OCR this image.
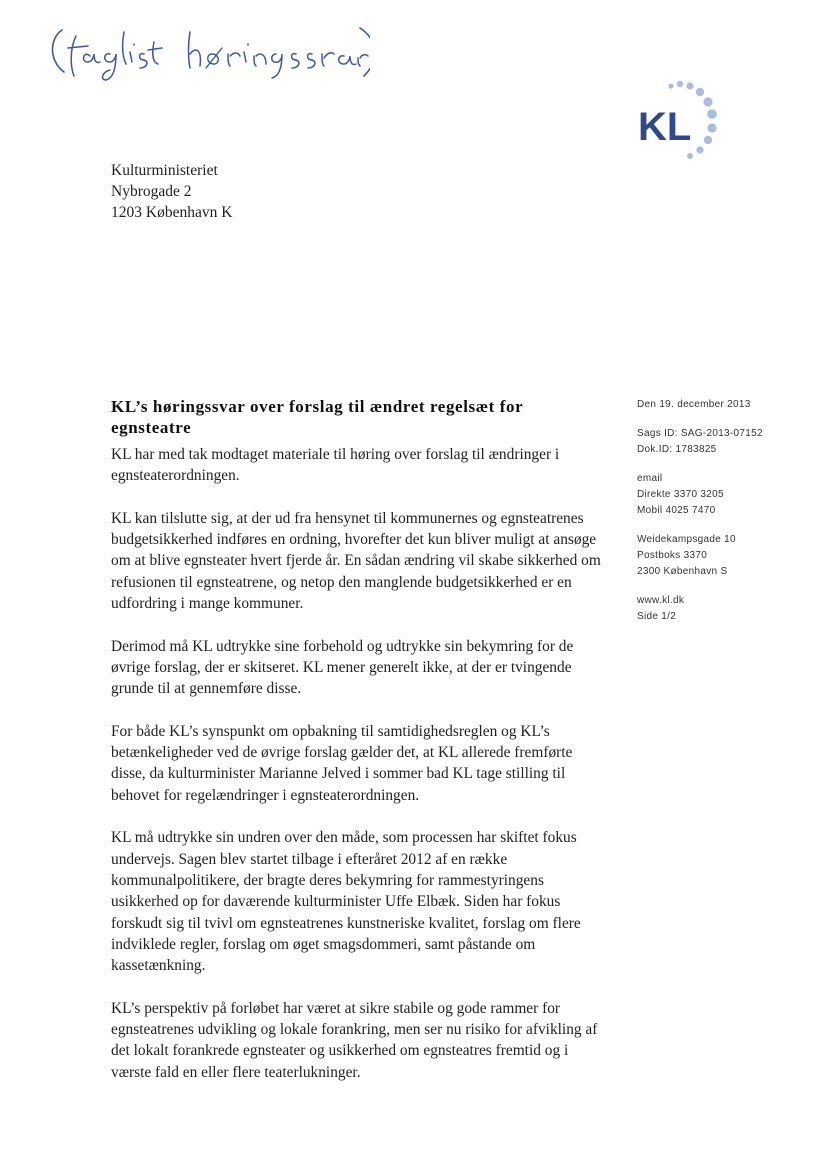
KL
Kulturministeriet
Nybrogade 2
1203 København K
KL’s høringssvar over forslag til ændret regelsæt for egnsteatre

KL har med tak modtaget materiale til høring over forslag til ændringer i egnsteaterordningen.

KL kan tilslutte sig, at der ud fra hensynet til kommunernes og egnsteatrenes budgetsikkerhed indføres en ordning, hvorefter det kun bliver muligt at ansøge om at blive egnsteater hvert fjerde år. En sådan ændring vil skabe sikkerhed om refusionen til egnsteatrene, og netop den manglende budgetsikkerhed er en udfordring i mange kommuner.

Derimod må KL udtrykke sine forbehold og udtrykke sin bekymring for de øvrige forslag, der er skitseret. KL mener generelt ikke, at der er tvingende grunde til at gennemføre disse.

For både KL’s synspunkt om opbakning til samtidighedsreglen og KL’s betænkeligheder ved de øvrige forslag gælder det, at KL allerede fremførte disse, da kulturminister Marianne Jelved i sommer bad KL tage stilling til behovet for regelændringer i egnsteaterordningen.

KL må udtrykke sin undren over den måde, som processen har skiftet fokus undervejs. Sagen blev startet tilbage i efteråret 2012 af en række kommunalpolitikere, der bragte deres bekymring for rammestyringens usikkerhed op for daværende kulturminister Uffe Elbæk. Siden har fokus forskudt sig til tvivl om egnsteatrenes kunstneriske kvalitet, forslag om flere indviklede regler, forslag om øget smagsdommeri, samt påstande om kassetænkning.

KL’s perspektiv på forløbet har været at sikre stabile og gode rammer for egnsteatrenes udvikling og lokale forankring, men ser nu risiko for afvikling af det lokalt forankrede egnsteater og usikkerhed om egnsteatres fremtid og i værste fald en eller flere teaterlukninger.

Den 19. december 2013
Sags ID: SAG-2013-07152
Dok.ID: 1783825
email
Direkte 3370 3205
Mobil 4025 7470
Weidekampsgade 10
Postboks 3370
2300 København S
www.kl.dk
Side 1/2
